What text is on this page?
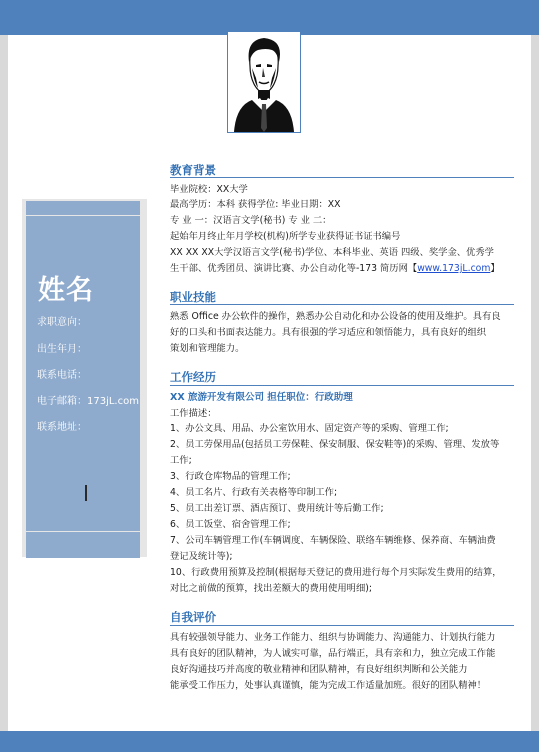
姓名
求职意向：
出生年月：
联系电话：
电子邮箱：173jL.com
联系地址：
教育背景
毕业院校：XX大学
最高学历：本科 获得学位: 毕业日期：XX
专 业 一：汉语言文学(秘书) 专 业 二：
起始年月终止年月学校(机构)所学专业获得证书证书编号
XX XX XX大学汉语言文学(秘书)学位、本科毕业、英语 四级、奖学金、优秀学
生干部、优秀团员、演讲比赛、办公自动化等-173 简历网【www.173jL.com】
职业技能
熟悉 Office 办公软件的操作，熟悉办公自动化和办公设备的使用及维护。具有良
好的口头和书面表达能力。具有很强的学习适应和领悟能力，具有良好的组织
策划和管理能力。
工作经历
XX 旅游开发有限公司 担任职位：行政助理
工作描述：
1、办公文具、用品、办公室饮用水、固定资产等的采购、管理工作;
2、员工劳保用品(包括员工劳保鞋、保安制服、保安鞋等)的采购、管理、发放等
工作;
3、行政仓库物品的管理工作;
4、员工名片、行政有关表格等印制工作;
5、员工出差订票、酒店预订、费用统计等后勤工作;
6、员工饭堂、宿舍管理工作;
7、公司车辆管理工作(车辆调度、车辆保险、联络车辆维修、保养商、车辆油费
登记及统计等);
10、行政费用预算及控制(根据每天登记的费用进行每个月实际发生费用的结算，
对比之前做的预算，找出差额大的费用使用明细);
自我评价
具有较强领导能力、业务工作能力、组织与协调能力、沟通能力、计划执行能力
具有良好的团队精神，为人诚实可靠，品行端正，具有亲和力，独立完成工作能
良好沟通技巧并高度的敬业精神和团队精神，有良好组织判断和公关能力
能承受工作压力，处事认真谨慎，能为完成工作适量加班。很好的团队精神！
